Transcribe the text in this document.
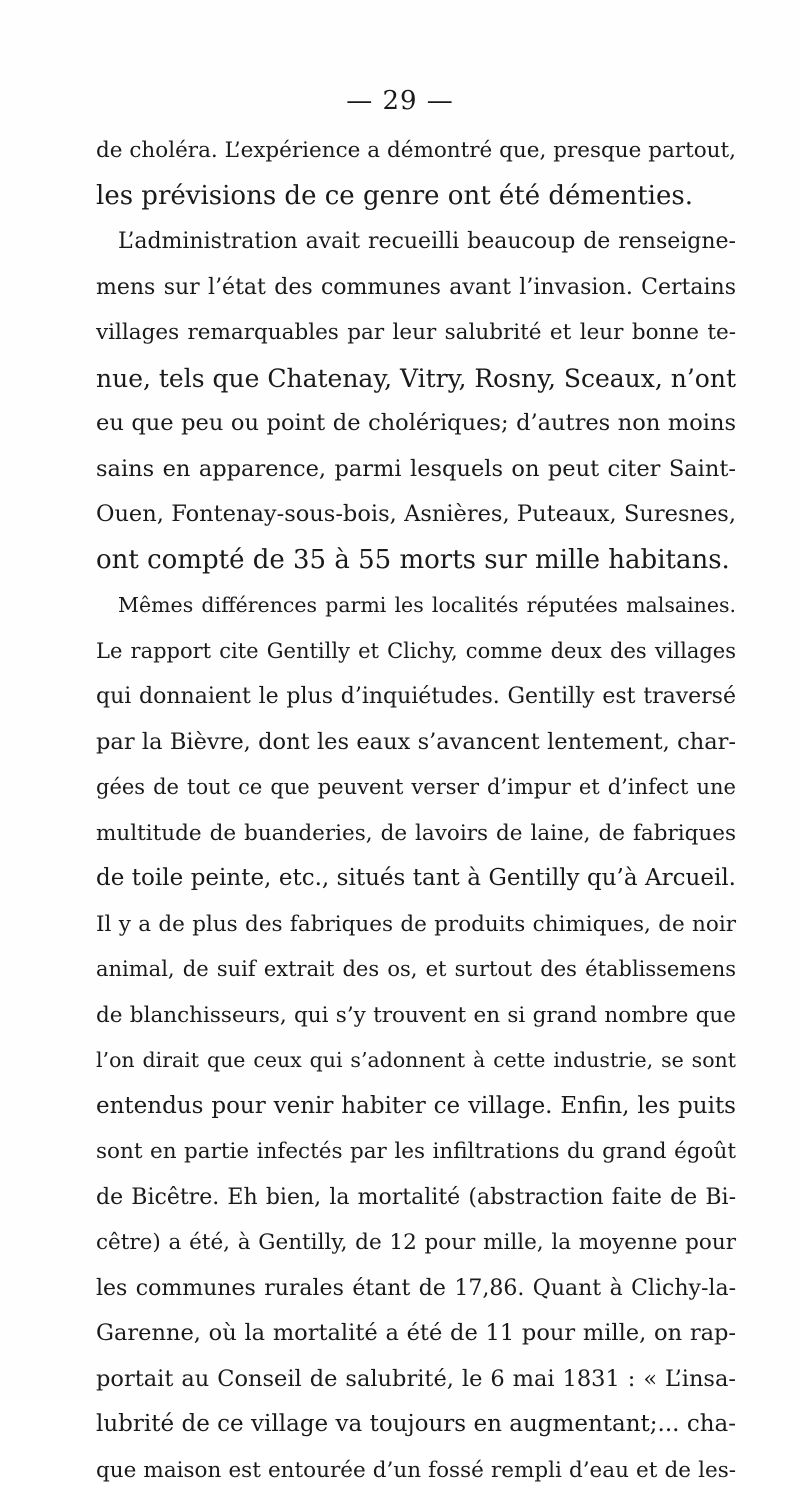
— 29 —
de choléra. L’expérience a démontré que, presque partout,
les prévisions de ce genre ont été démenties.
L’administration avait recueilli beaucoup de renseigne-
mens sur l’état des communes avant l’invasion. Certains
villages remarquables par leur salubrité et leur bonne te-
nue, tels que Chatenay, Vitry, Rosny, Sceaux, n’ont
eu que peu ou point de cholériques; d’autres non moins
sains en apparence, parmi lesquels on peut citer Saint-
Ouen, Fontenay-sous-bois, Asnières, Puteaux, Suresnes,
ont compté de 35 à 55 morts sur mille habitans.
Mêmes différences parmi les localités réputées malsaines.
Le rapport cite Gentilly et Clichy, comme deux des villages
qui donnaient le plus d’inquiétudes. Gentilly est traversé
par la Bièvre, dont les eaux s’avancent lentement, char-
gées de tout ce que peuvent verser d’impur et d’infect une
multitude de buanderies, de lavoirs de laine, de fabriques
de toile peinte, etc., situés tant à Gentilly qu’à Arcueil.
Il y a de plus des fabriques de produits chimiques, de noir
animal, de suif extrait des os, et surtout des établissemens
de blanchisseurs, qui s’y trouvent en si grand nombre que
l’on dirait que ceux qui s’adonnent à cette industrie, se sont
entendus pour venir habiter ce village. Enfin, les puits
sont en partie infectés par les infiltrations du grand égoût
de Bicêtre. Eh bien, la mortalité (abstraction faite de Bi-
cêtre) a été, à Gentilly, de 12 pour mille, la moyenne pour
les communes rurales étant de 17,86. Quant à Clichy-la-
Garenne, où la mortalité a été de 11 pour mille, on rap-
portait au Conseil de salubrité, le 6 mai 1831 : « L’insa-
lubrité de ce village va toujours en augmentant;... cha-
que maison est entourée d’un fossé rempli d’eau et de les-
